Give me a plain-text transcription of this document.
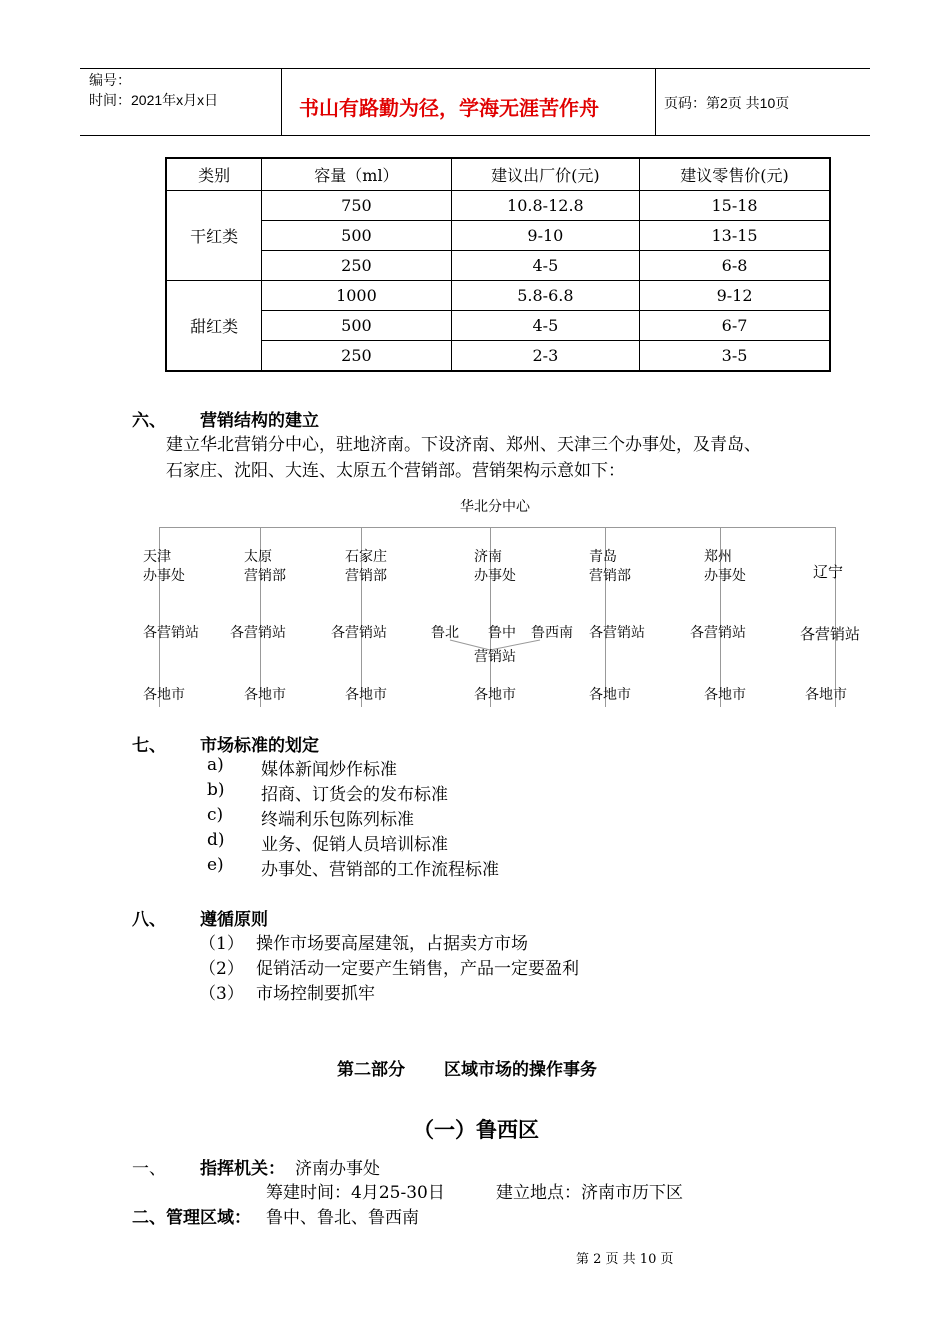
编号：
时间：2021年x月x日	书山有路勤为径，学海无涯苦作舟	页码：第2页 共10页
类别	容量（ml）	建议出厂价(元)	建议零售价(元)
干红类	750	10.8-12.8	15-18
	500	9-10	13-15
	250	4-5	6-8
甜红类	1000	5.8-6.8	9-12
	500	4-5	6-7
	250	2-3	3-5
六、 营销结构的建立
建立华北营销分中心，驻地济南。下设济南、郑州、天津三个办事处，及青岛、
石家庄、沈阳、大连、太原五个营销部。营销架构示意如下：
华北分中心
天津
办事处
各营销站
各地市
太原
营销部
各营销站
各地市
石家庄
营销部
各营销站
各地市
济南
办事处
鲁北 鲁中 鲁西南
营销站
各地市
青岛
营销部
各营销站
各地市
郑州
办事处
各营销站
各地市
辽宁
各营销站
各地市
七、 市场标准的划定
a) 媒体新闻炒作标准
b) 招商、订货会的发布标准
c) 终端利乐包陈列标准
d) 业务、促销人员培训标准
e) 办事处、营销部的工作流程标准
八、 遵循原则
（1） 操作市场要高屋建瓴，占据卖方市场
（2） 促销活动一定要产生销售，产品一定要盈利
（3） 市场控制要抓牢
第二部分 区域市场的操作事务
（一）鲁西区
一、 指挥机关： 济南办事处
筹建时间：4月25-30日	建立地点：济南市历下区
二、管理区域： 鲁中、鲁北、鲁西南
第 2 页 共 10 页
